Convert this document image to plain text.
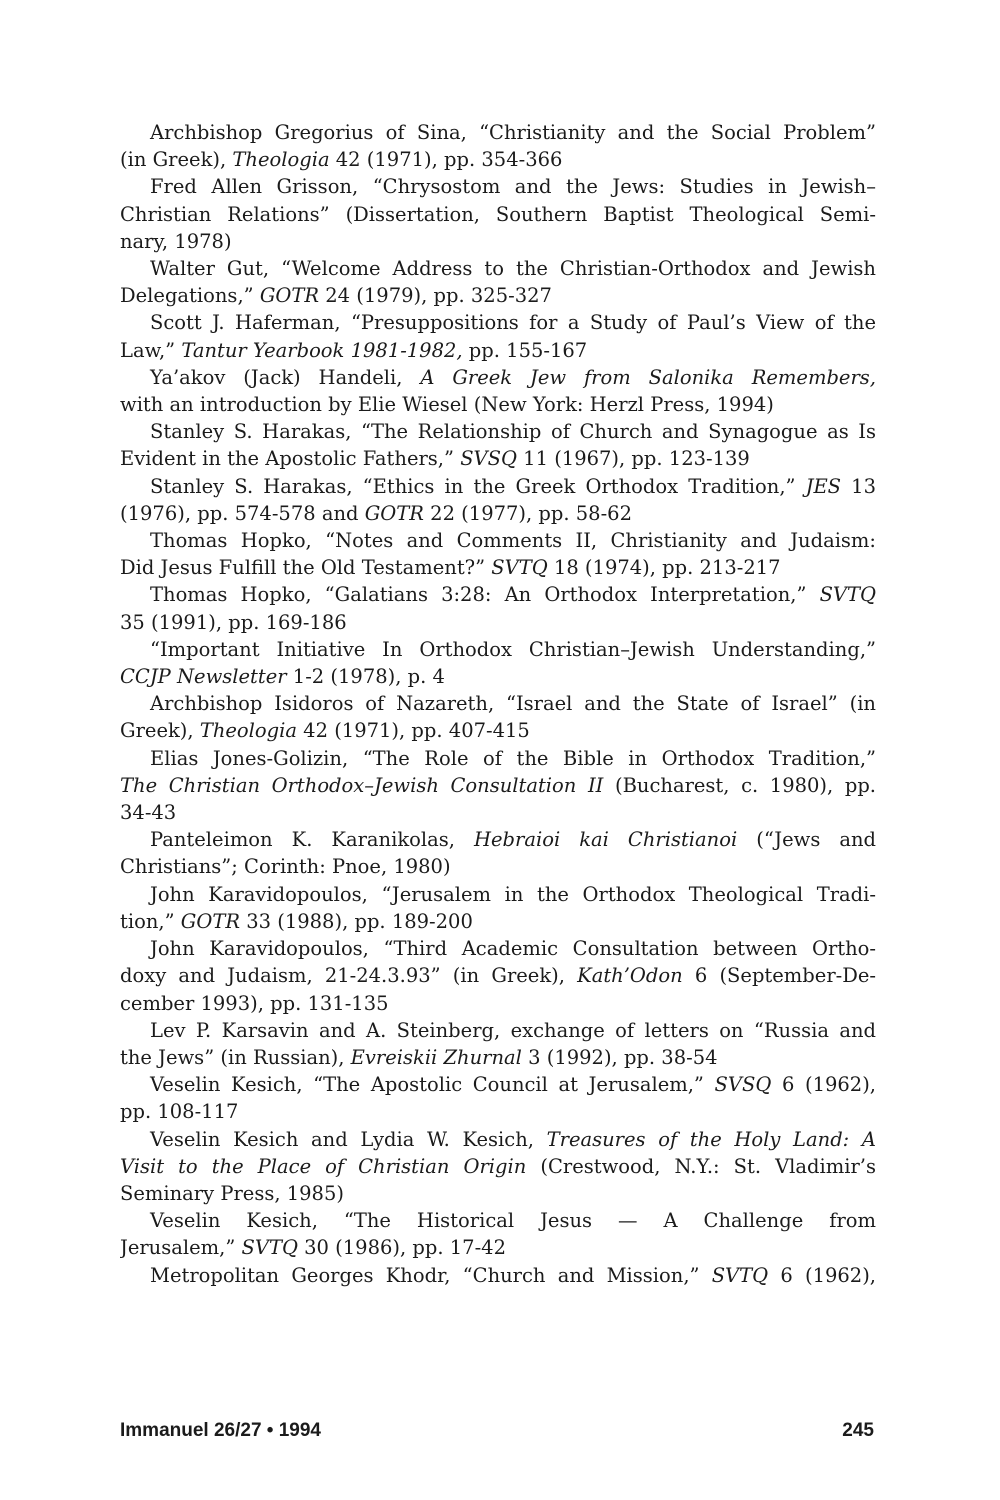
Archbishop Gregorius of Sina, “Christianity and the Social Problem”
(in Greek), Theologia 42 (1971), pp. 354-366
Fred Allen Grisson, “Chrysostom and the Jews: Studies in Jewish–
Christian Relations” (Dissertation, Southern Baptist Theological Semi-
nary, 1978)
Walter Gut, “Welcome Address to the Christian-Orthodox and Jewish
Delegations,” GOTR 24 (1979), pp. 325-327
Scott J. Haferman, “Presuppositions for a Study of Paul’s View of the
Law,” Tantur Yearbook 1981-1982, pp. 155-167
Ya’akov (Jack) Handeli, A Greek Jew from Salonika Remembers,
with an introduction by Elie Wiesel (New York: Herzl Press, 1994)
Stanley S. Harakas, “The Relationship of Church and Synagogue as Is
Evident in the Apostolic Fathers,” SVSQ 11 (1967), pp. 123-139
Stanley S. Harakas, “Ethics in the Greek Orthodox Tradition,” JES 13
(1976), pp. 574-578 and GOTR 22 (1977), pp. 58-62
Thomas Hopko, “Notes and Comments II, Christianity and Judaism:
Did Jesus Fulfill the Old Testament?” SVTQ 18 (1974), pp. 213-217
Thomas Hopko, “Galatians 3:28: An Orthodox Interpretation,” SVTQ
35 (1991), pp. 169-186
“Important Initiative In Orthodox Christian–Jewish Understanding,”
CCJP Newsletter 1-2 (1978), p. 4
Archbishop Isidoros of Nazareth, “Israel and the State of Israel” (in
Greek), Theologia 42 (1971), pp. 407-415
Elias Jones-Golizin, “The Role of the Bible in Orthodox Tradition,”
The Christian Orthodox–Jewish Consultation II (Bucharest, c. 1980), pp.
34-43
Panteleimon K. Karanikolas, Hebraioi kai Christianoi (“Jews and
Christians”; Corinth: Pnoe, 1980)
John Karavidopoulos, “Jerusalem in the Orthodox Theological Tradi-
tion,” GOTR 33 (1988), pp. 189-200
John Karavidopoulos, “Third Academic Consultation between Ortho-
doxy and Judaism, 21-24.3.93” (in Greek), Kath’Odon 6 (September-De-
cember 1993), pp. 131-135
Lev P. Karsavin and A. Steinberg, exchange of letters on “Russia and
the Jews” (in Russian), Evreiskii Zhurnal 3 (1992), pp. 38-54
Veselin Kesich, “The Apostolic Council at Jerusalem,” SVSQ 6 (1962),
pp. 108-117
Veselin Kesich and Lydia W. Kesich, Treasures of the Holy Land: A
Visit to the Place of Christian Origin (Crestwood, N.Y.: St. Vladimir’s
Seminary Press, 1985)
Veselin Kesich, “The Historical Jesus — A Challenge from
Jerusalem,” SVTQ 30 (1986), pp. 17-42
Metropolitan Georges Khodr, “Church and Mission,” SVTQ 6 (1962),
Immanuel 26/27 • 1994	245
